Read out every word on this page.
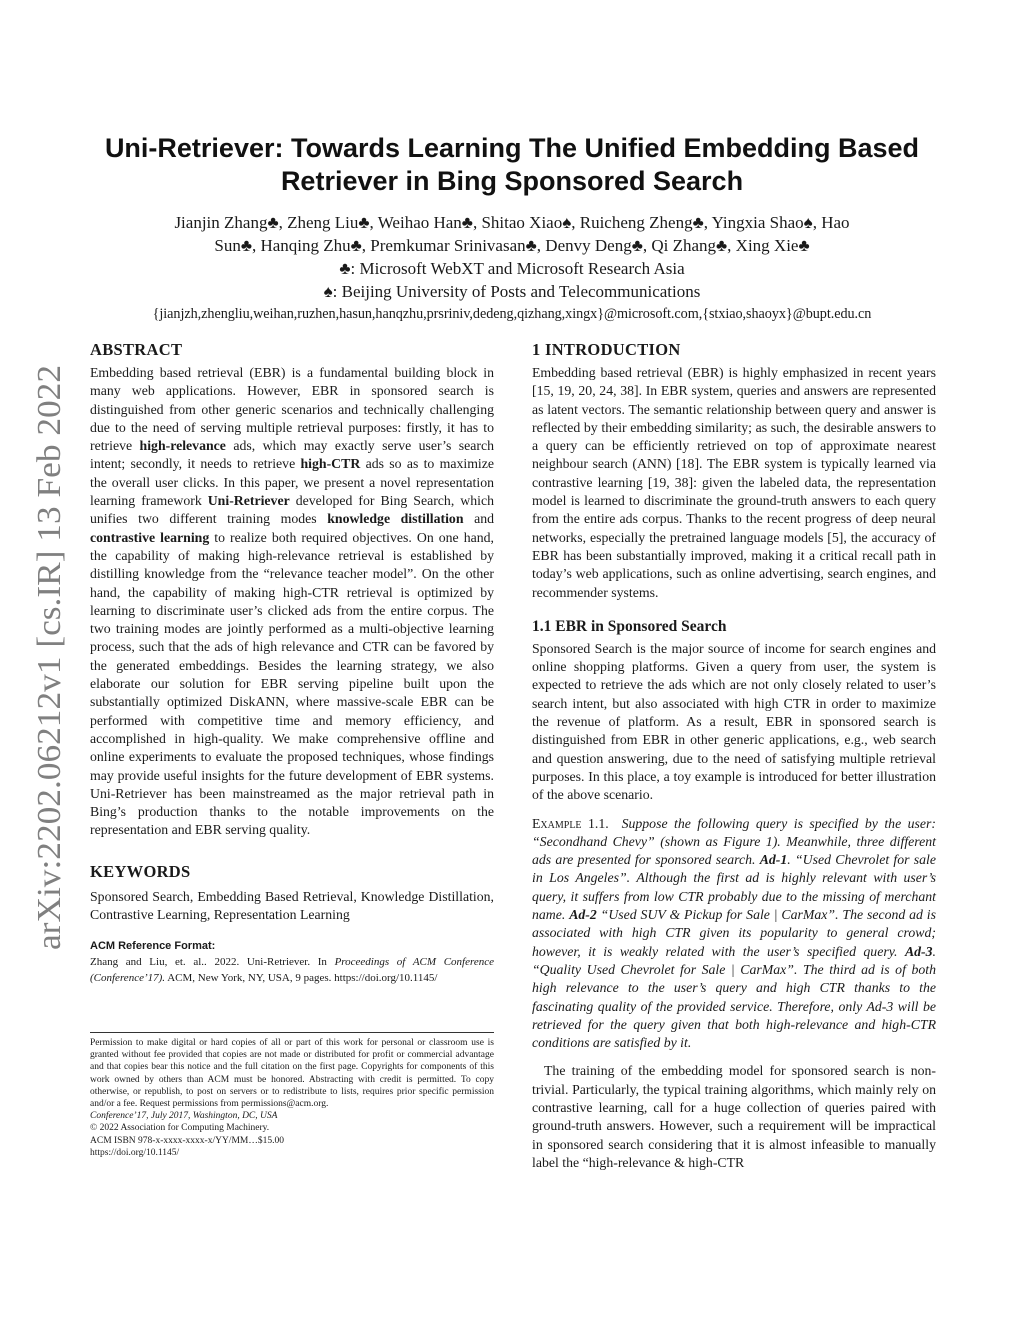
arXiv:2202.06212v1 [cs.IR] 13 Feb 2022
Uni-Retriever: Towards Learning The Unified Embedding Based
Retriever in Bing Sponsored Search
Jianjin Zhang♣, Zheng Liu♣, Weihao Han♣, Shitao Xiao♠, Ruicheng Zheng♣, Yingxia Shao♠, Hao
Sun♣, Hanqing Zhu♣, Premkumar Srinivasan♣, Denvy Deng♣, Qi Zhang♣, Xing Xie♣
♣: Microsoft WebXT and Microsoft Research Asia
♠: Beijing University of Posts and Telecommunications
{jianjzh,zhengliu,weihan,ruzhen,hasun,hanqzhu,prsriniv,dedeng,qizhang,xingx}@microsoft.com,{stxiao,shaoyx}@bupt.edu.cn
ABSTRACT

Embedding based retrieval (EBR) is a fundamental building block in many web applications. However, EBR in sponsored search is distinguished from other generic scenarios and technically challenging due to the need of serving multiple retrieval purposes: firstly, it has to retrieve high-relevance ads, which may exactly serve user’s search intent; secondly, it needs to retrieve high-CTR ads so as to maximize the overall user clicks. In this paper, we present a novel representation learning framework Uni-Retriever developed for Bing Search, which unifies two different training modes knowledge distillation and contrastive learning to realize both required objectives. On one hand, the capability of making high-relevance retrieval is established by distilling knowledge from the “relevance teacher model”. On the other hand, the capability of making high-CTR retrieval is optimized by learning to discriminate user’s clicked ads from the entire corpus. The two training modes are jointly performed as a multi-objective learning process, such that the ads of high relevance and CTR can be favored by the generated embeddings. Besides the learning strategy, we also elaborate our solution for EBR serving pipeline built upon the substantially optimized DiskANN, where massive-scale EBR can be performed with competitive time and memory efficiency, and accomplished in high-quality. We make comprehensive offline and online experiments to evaluate the proposed techniques, whose findings may provide useful insights for the future development of EBR systems. Uni-Retriever has been mainstreamed as the major retrieval path in Bing’s production thanks to the notable improvements on the representation and EBR serving quality.

KEYWORDS

Sponsored Search, Embedding Based Retrieval, Knowledge Distillation, Contrastive Learning, Representation Learning

ACM Reference Format:

Zhang and Liu, et. al.. 2022. Uni-Retriever. In Proceedings of ACM Conference (Conference’17). ACM, New York, NY, USA, 9 pages. https://doi.org/10.1145/

Permission to make digital or hard copies of all or part of this work for personal or classroom use is granted without fee provided that copies are not made or distributed for profit or commercial advantage and that copies bear this notice and the full citation on the first page. Copyrights for components of this work owned by others than ACM must be honored. Abstracting with credit is permitted. To copy otherwise, or republish, to post on servers or to redistribute to lists, requires prior specific permission and/or a fee. Request permissions from permissions@acm.org.

Conference’17, July 2017, Washington, DC, USA

© 2022 Association for Computing Machinery.

ACM ISBN 978-x-xxxx-xxxx-x/YY/MM…$15.00

https://doi.org/10.1145/

1 INTRODUCTION

Embedding based retrieval (EBR) is highly emphasized in recent years [15, 19, 20, 24, 38]. In EBR system, queries and answers are represented as latent vectors. The semantic relationship between query and answer is reflected by their embedding similarity; as such, the desirable answers to a query can be efficiently retrieved on top of approximate nearest neighbour search (ANN) [18]. The EBR system is typically learned via contrastive learning [19, 38]: given the labeled data, the representation model is learned to discriminate the ground-truth answers to each query from the entire ads corpus. Thanks to the recent progress of deep neural networks, especially the pretrained language models [5], the accuracy of EBR has been substantially improved, making it a critical recall path in today’s web applications, such as online advertising, search engines, and recommender systems.

1.1 EBR in Sponsored Search

Sponsored Search is the major source of income for search engines and online shopping platforms. Given a query from user, the system is expected to retrieve the ads which are not only closely related to user’s search intent, but also associated with high CTR in order to maximize the revenue of platform. As a result, EBR in sponsored search is distinguished from EBR in other generic applications, e.g., web search and question answering, due to the need of satisfying multiple retrieval purposes. In this place, a toy example is introduced for better illustration of the above scenario.

Example 1.1. Suppose the following query is specified by the user: “Secondhand Chevy” (shown as Figure 1). Meanwhile, three different ads are presented for sponsored search. Ad-1. “Used Chevrolet for sale in Los Angeles”. Although the first ad is highly relevant with user’s query, it suffers from low CTR probably due to the missing of merchant name. Ad-2 “Used SUV & Pickup for Sale | CarMax”. The second ad is associated with high CTR given its popularity to general crowd; however, it is weakly related with the user’s specified query. Ad-3. “Quality Used Chevrolet for Sale | CarMax”. The third ad is of both high relevance to the user’s query and high CTR thanks to the fascinating quality of the provided service. Therefore, only Ad-3 will be retrieved for the query given that both high-relevance and high-CTR conditions are satisfied by it.

The training of the embedding model for sponsored search is non-trivial. Particularly, the typical training algorithms, which mainly rely on contrastive learning, call for a huge collection of queries paired with ground-truth answers. However, such a requirement will be impractical in sponsored search considering that it is almost infeasible to manually label the “high-relevance & high-CTR
